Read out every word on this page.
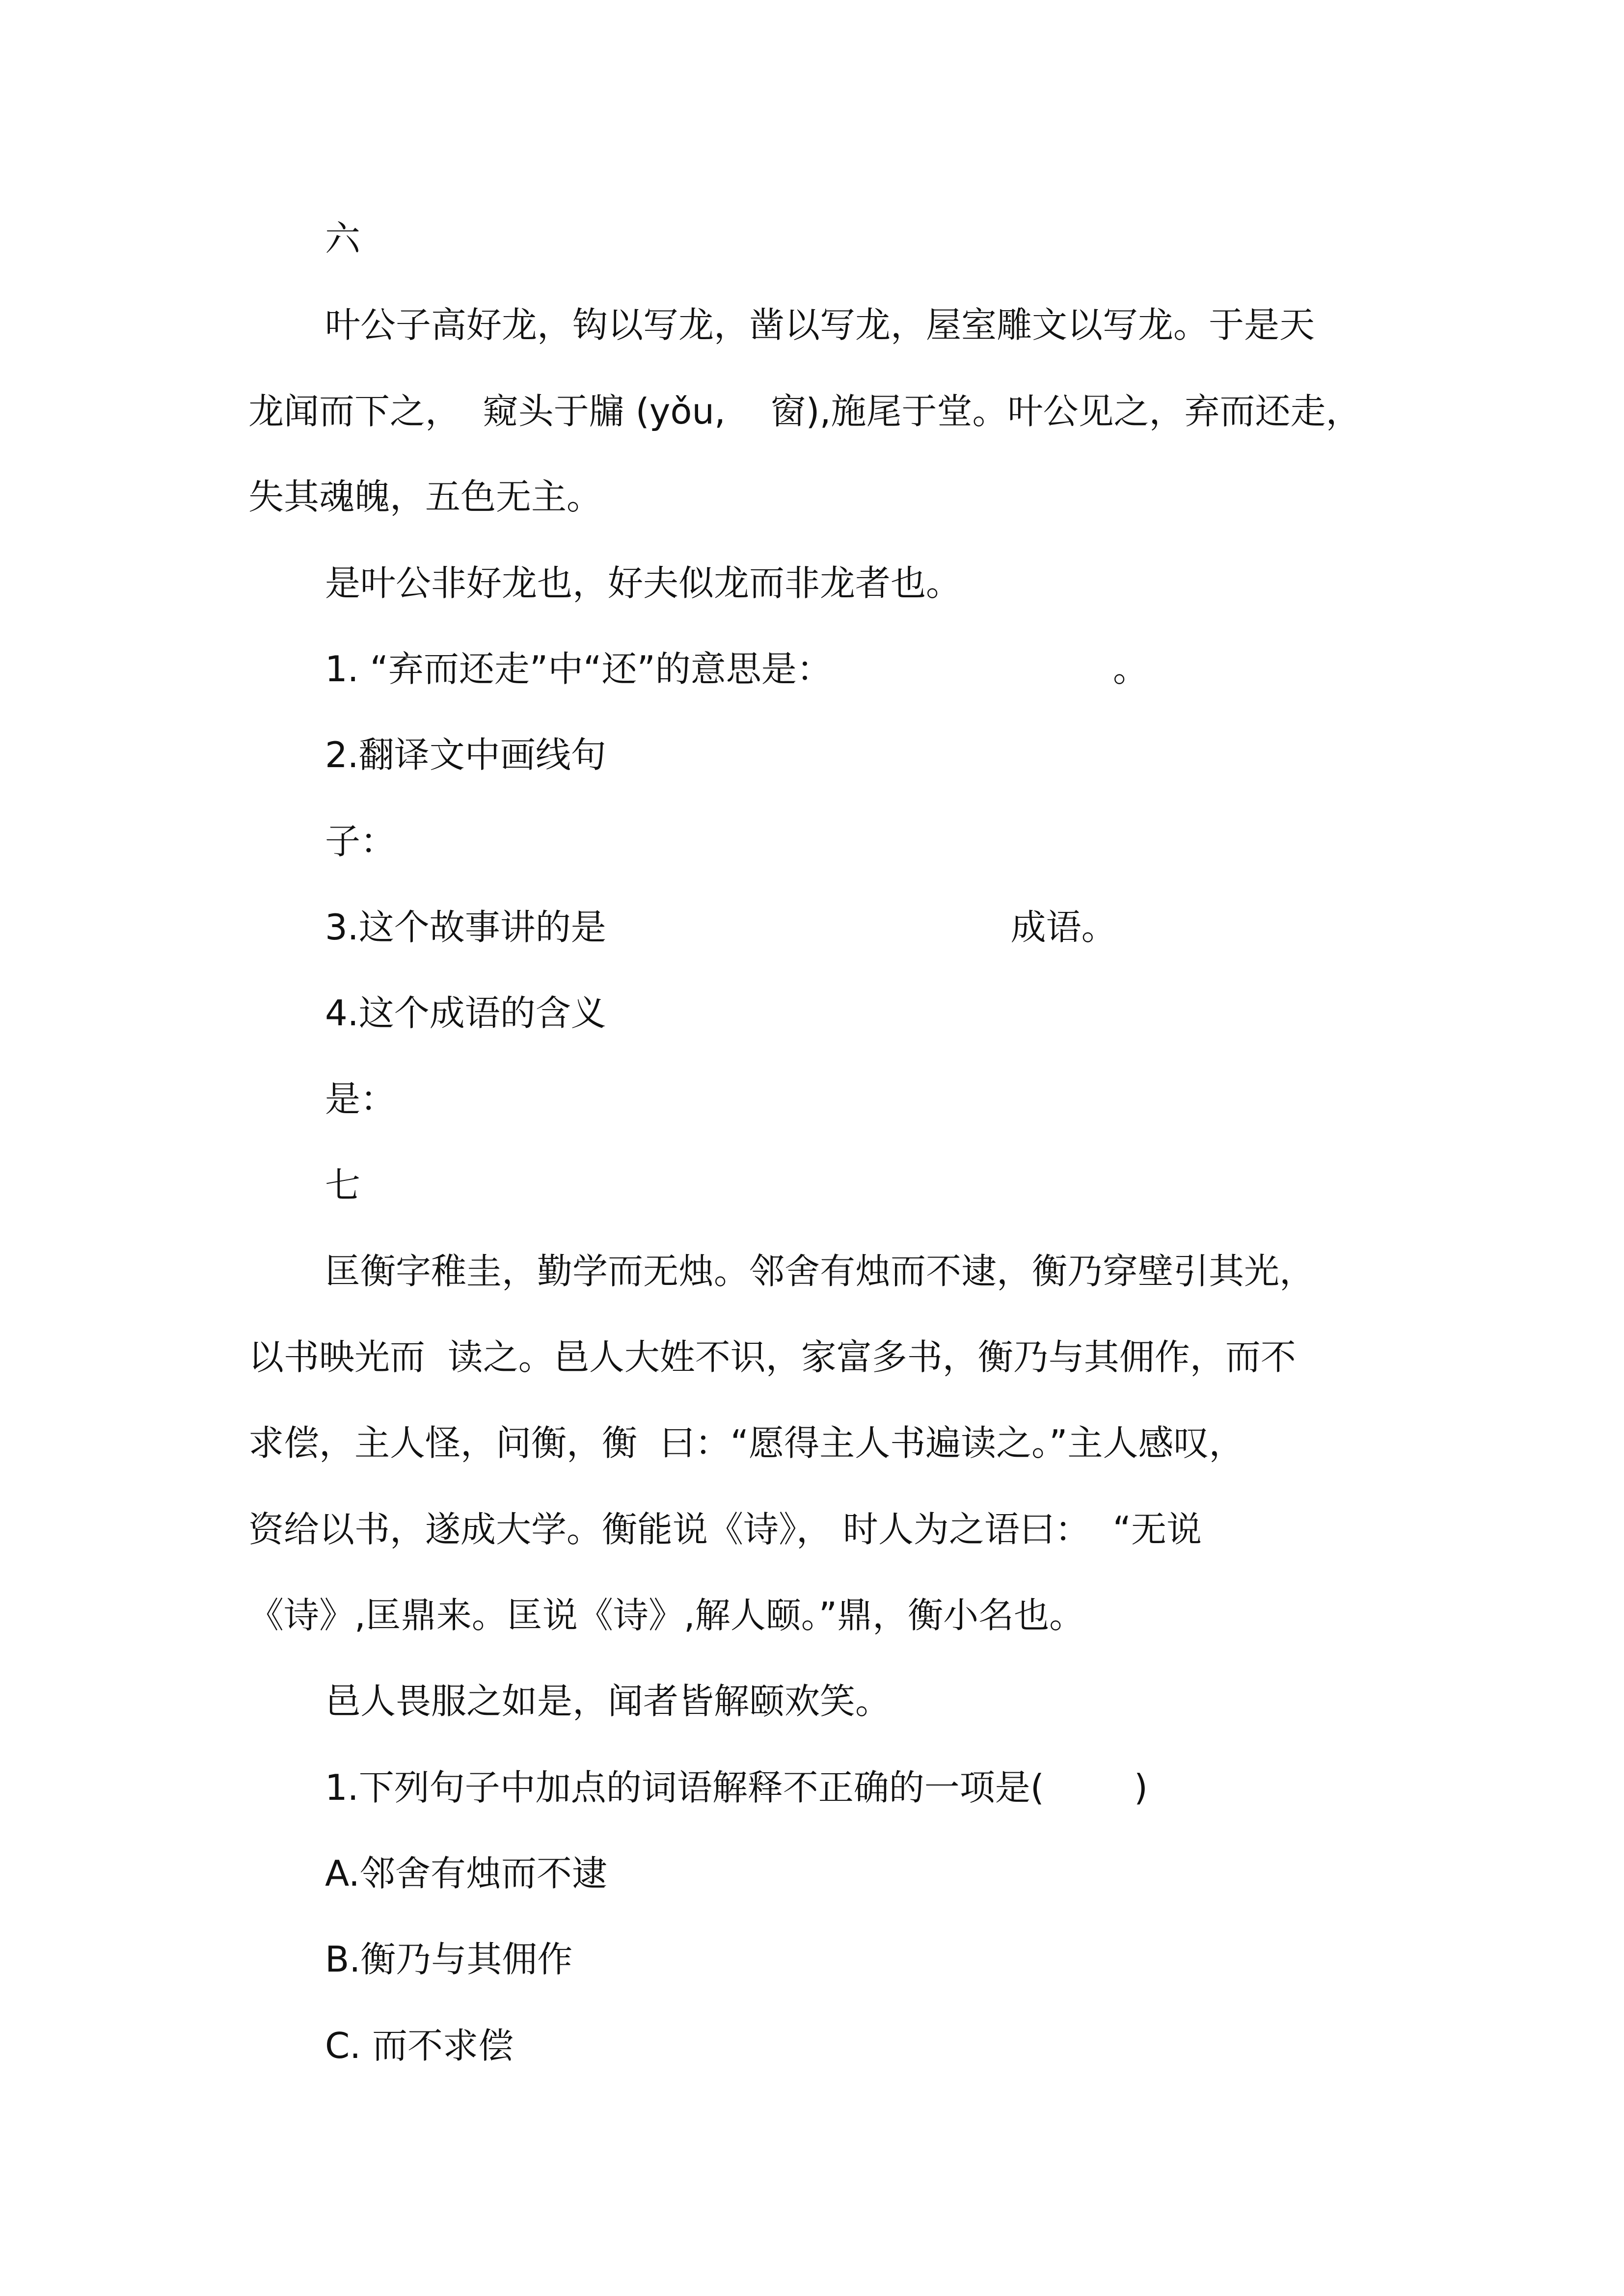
六

叶公子高好龙，钩以写龙，凿以写龙，屋室雕文以写龙。于是天

龙闻而下之，  窥头于牖 (yǒu,    窗),施尾于堂。叶公见之，弃而还走，

失其魂魄，五色无主。

是叶公非好龙也，好夫似龙而非龙者也。

1. “弃而还走”中“还”的意思是：                         。

2.翻译文中画线句

子：

3.这个故事讲的是                                    成语。

4.这个成语的含义

是：

七

匡衡字稚圭，勤学而无烛。邻舍有烛而不逮，衡乃穿壁引其光，

以书映光而  读之。邑人大姓不识，家富多书，衡乃与其佣作，而不

求偿，主人怪，问衡，衡  曰：“愿得主人书遍读之。”主人感叹，

资给以书，遂成大学。衡能说《诗》， 时人为之语曰：  “无说

《诗》,匡鼎来。匡说《诗》,解人颐。”鼎，衡小名也。

邑人畏服之如是，闻者皆解颐欢笑。

1.下列句子中加点的词语解释不正确的一项是(        )

A.邻舍有烛而不逮

B.衡乃与其佣作

C. 而不求偿
